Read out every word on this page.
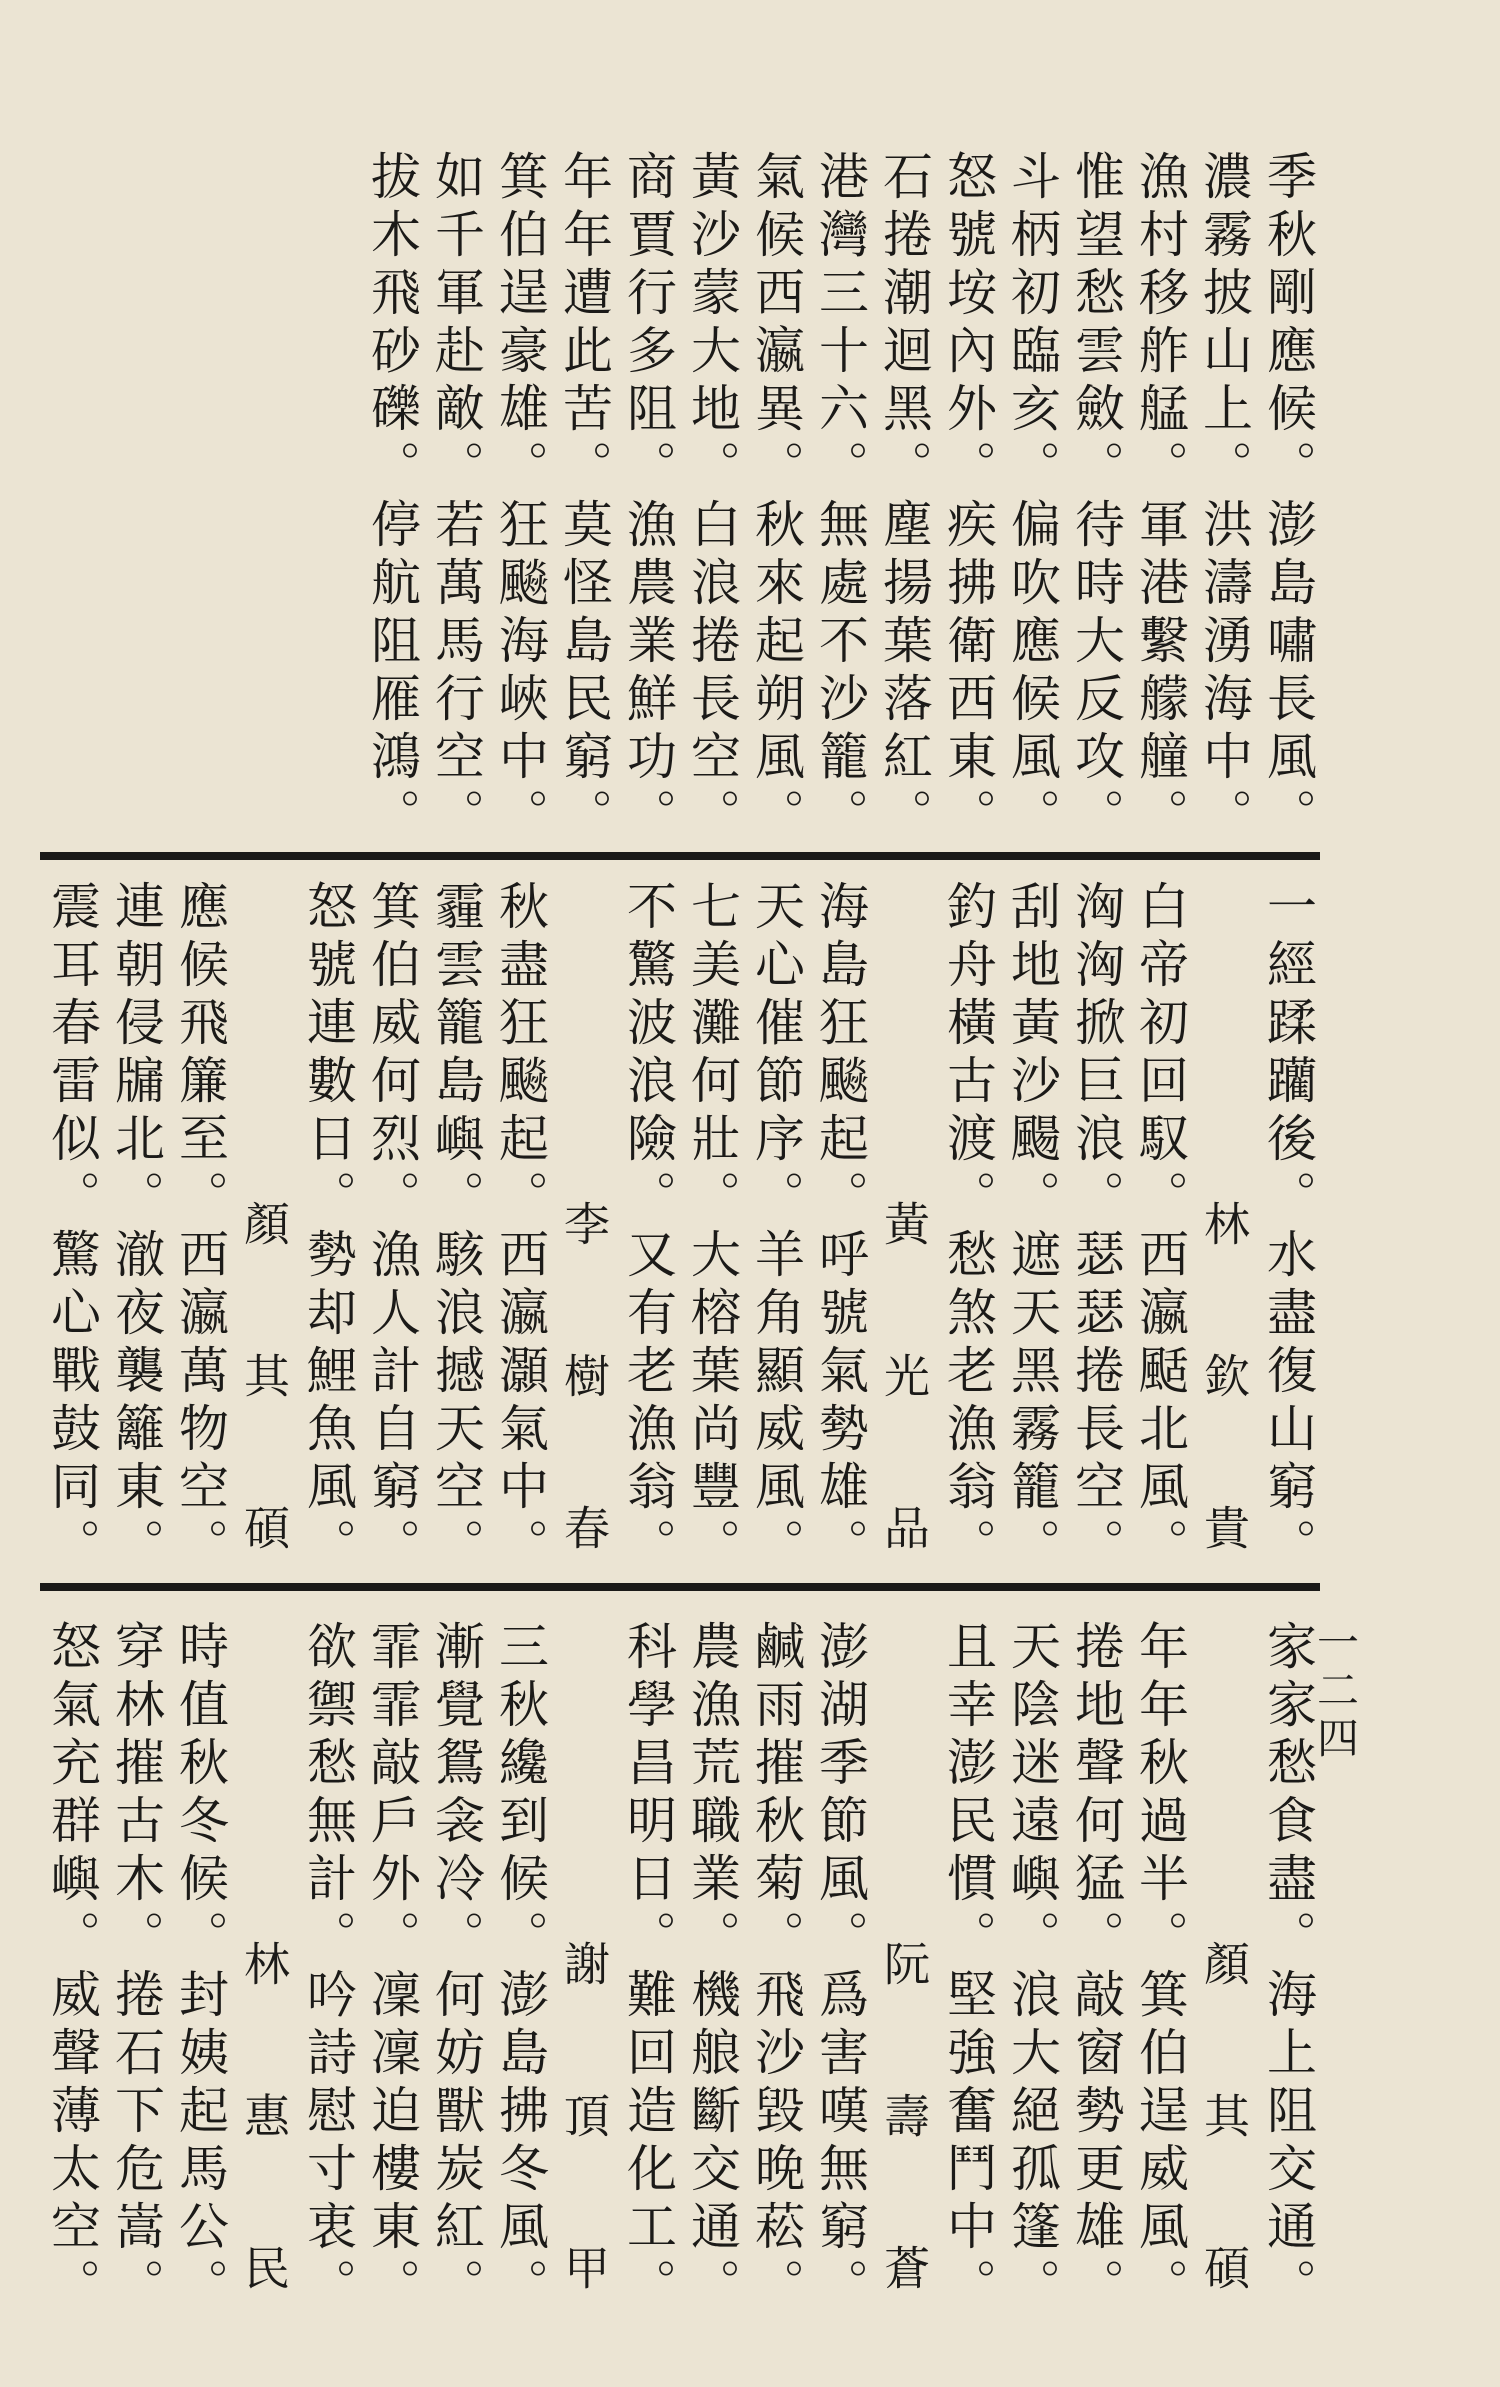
季秋剛應候。澎島嘯長風。
濃霧披山上。洪濤湧海中。
漁村移舴艋。軍港繫艨艟。
惟望愁雲斂。待時大反攻。
斗柄初臨亥。偏吹應候風。
怒號垵內外。疾拂衛西東。
石捲潮迴黑。塵揚葉落紅。
港灣三十六。無處不沙籠。
氣候西瀛異。秋來起朔風。
黃沙蒙大地。白浪捲長空。
商賈行多阻。漁農業鮮功。
年年遭此苦。莫怪島民窮。
箕伯逞豪雄。狂飈海峽中。
如千軍赴敵。若萬馬行空。
拔木飛砂礫。停航阻雁鴻。
一經蹂躪後。水盡復山窮。
林　欽　貴
白帝初回馭。西瀛颳北風。
洶洶掀巨浪。瑟瑟捲長空。
刮地黃沙颺。遮天黑霧籠。
釣舟橫古渡。愁煞老漁翁。
黃　光　品
海島狂飈起。呼號氣勢雄。
天心催節序。羊角顯威風。
七美灘何壯。大榕葉尚豐。
不驚波浪險。又有老漁翁。
李　樹　春
秋盡狂飈起。西瀛灝氣中。
霾雲籠島嶼。駭浪撼天空。
箕伯威何烈。漁人計自窮。
怒號連數日。勢却鯉魚風。
顏　其　碩
應候飛簾至。西瀛萬物空。
連朝侵牖北。澈夜襲籬東。
震耳春雷似。驚心戰鼓同。
家家愁食盡。海上阻交通。
顏　其　碩
年年秋過半。箕伯逞威風。
捲地聲何猛。敲窗勢更雄。
天陰迷遠嶼。浪大絕孤篷。
且幸澎民慣。堅強奮鬥中。
阮　壽　蒼
澎湖季節風。爲害嘆無窮。
鹹雨摧秋菊。飛沙毀晚菘。
農漁荒職業。機艆斷交通。
科學昌明日。難回造化工。
謝　頂　甲
三秋纔到候。澎島拂冬風。
漸覺鴛衾冷。何妨獸炭紅。
霏霏敲戶外。凜凜迫樓東。
欲禦愁無計。吟詩慰寸衷。
林　惠　民
時值秋冬候。封姨起馬公。
穿林摧古木。捲石下危嵩。
怒氣充群嶼。威聲薄太空。	一二四
